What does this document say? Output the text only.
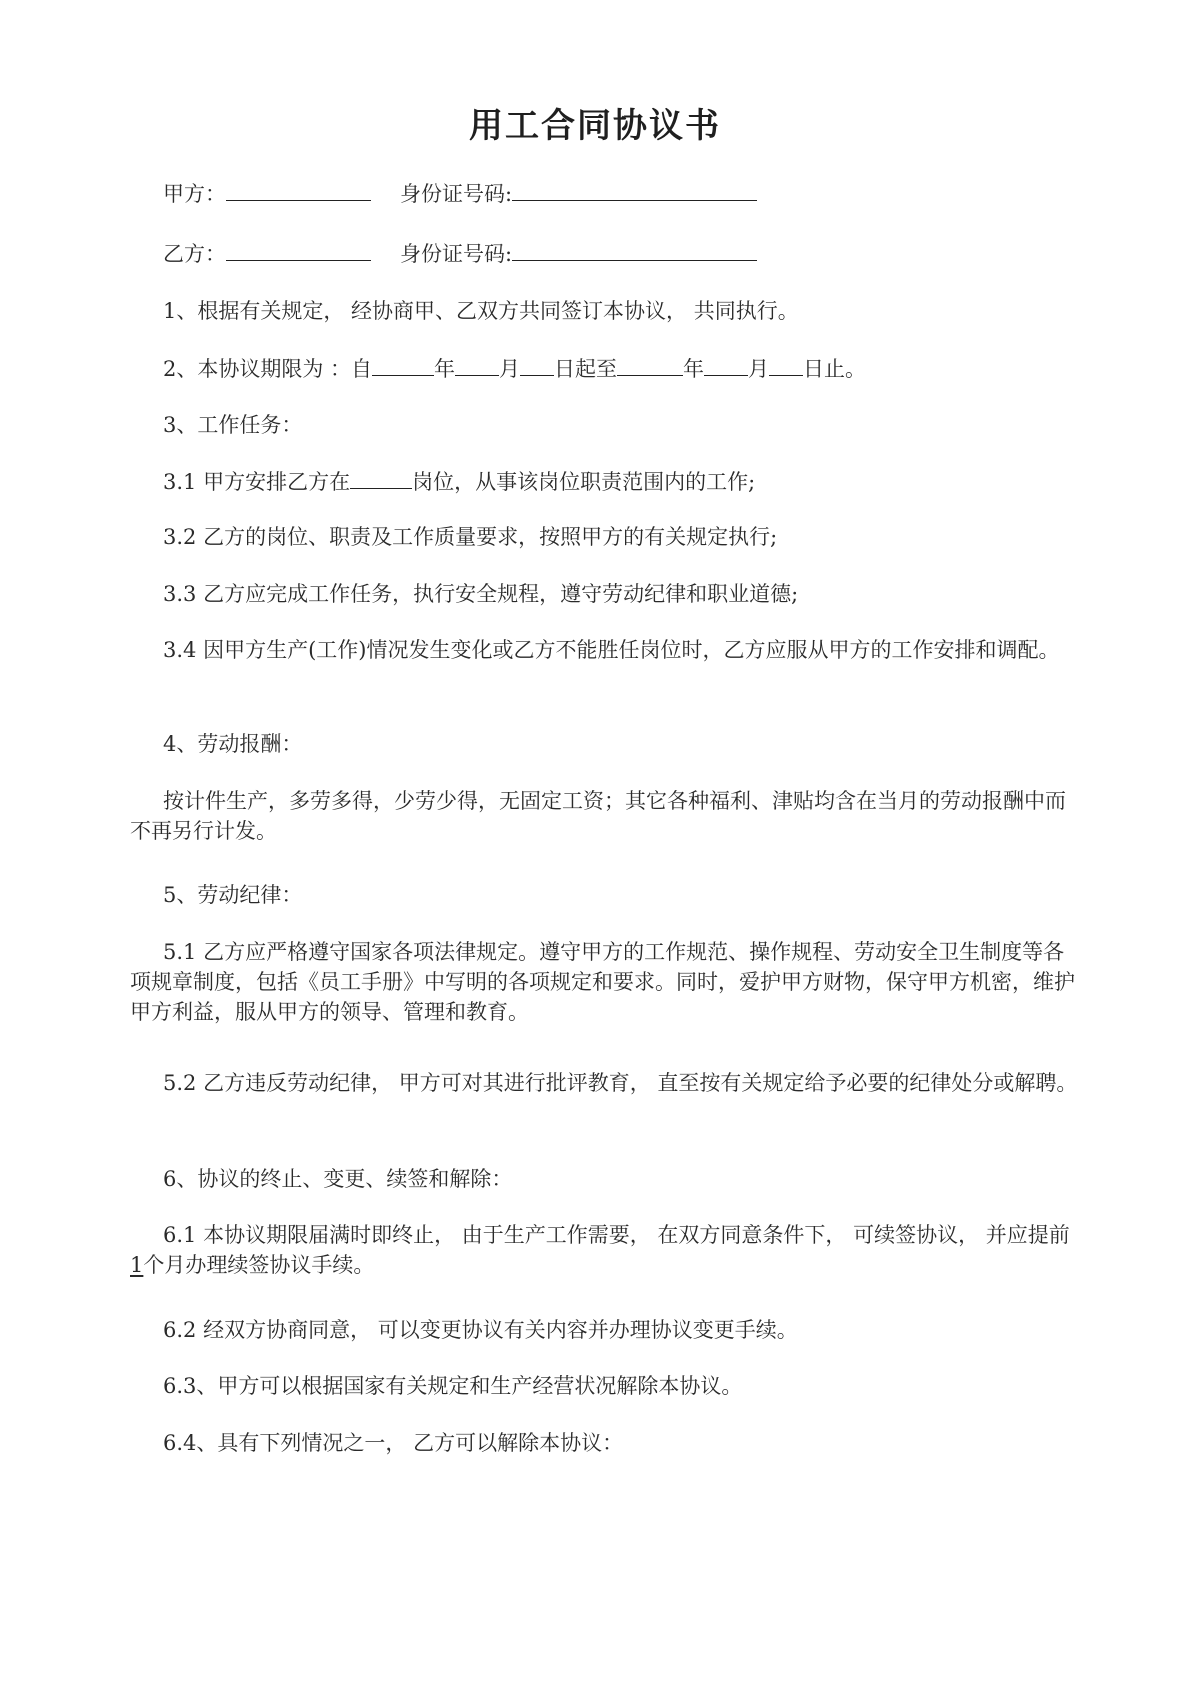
用工合同协议书
甲方：	身份证号码:
乙方：	身份证号码:
1、根据有关规定， 经协商甲、乙双方共同签订本协议， 共同执行。
2、本协议期限为 ：自	年 月 日起至	年 月 日止。
3、工作任务：
3.1 甲方安排乙方在	岗位，从事该岗位职责范围内的工作;
3.2 乙方的岗位、职责及工作质量要求，按照甲方的有关规定执行;
3.3 乙方应完成工作任务，执行安全规程，遵守劳动纪律和职业道德;
3.4 因甲方生产(工作)情况发生变化或乙方不能胜任岗位时，乙方应服从甲方的工作安排和调配。
4、劳动报酬：
按计件生产，多劳多得，少劳少得，无固定工资；其它各种福利、津贴均含在当月的劳动报酬中而不再另行计发。
5、劳动纪律：
5.1 乙方应严格遵守国家各项法律规定。遵守甲方的工作规范、操作规程、劳动安全卫生制度等各项规章制度，包括《员工手册》中写明的各项规定和要求。同时，爱护甲方财物，保守甲方机密，维护甲方利益，服从甲方的领导、管理和教育。
5.2 乙方违反劳动纪律， 甲方可对其进行批评教育， 直至按有关规定给予必要的纪律处分或解聘。
6、协议的终止、变更、续签和解除：
6.1 本协议期限届满时即终止， 由于生产工作需要， 在双方同意条件下， 可续签协议， 并应提前1个月办理续签协议手续。
6.2 经双方协商同意， 可以变更协议有关内容并办理协议变更手续。
6.3、甲方可以根据国家有关规定和生产经营状况解除本协议。
6.4、具有下列情况之一， 乙方可以解除本协议：
